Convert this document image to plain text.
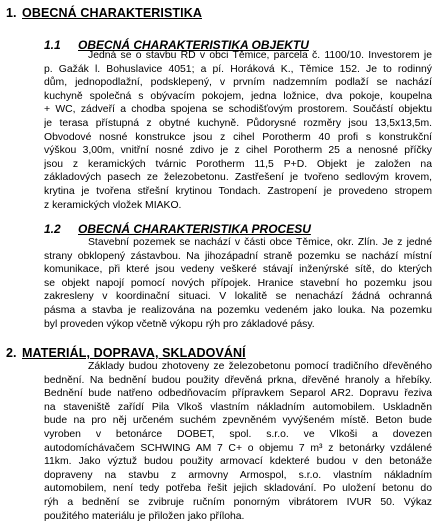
1. OBECNÁ CHARAKTERISTIKA
1.1 OBECNÁ CHARAKTERISTIKA OBJEKTU
Jedná se o stavbu RD v obci Těmice, parcela č. 1100/10. Investorem je
p. Gažák l. Bohuslavice 4051; a pí. Horáková K., Těmice 152. Je to rodinný
dům, jednopodlažní, podsklepený, v prvním nadzemním podlaží se nachází
kuchyně společná s obývacím pokojem, jedna ložnice, dva pokoje, koupelna
+ WC, zádveří a chodba spojena se schodišťovým prostorem. Součástí objektu
je terasa přístupná z obytné kuchyně. Půdorysné rozměry jsou 13,5x13,5m.
Obvodové nosné konstrukce jsou z cihel Porotherm 40 profi s konstrukční
výškou 3,00m, vnitřní nosné zdivo je z cihel Porotherm 25 a nenosné příčky
jsou z keramických tvárnic Porotherm 11,5 P+D. Objekt je založen na
základových pasech ze železobetonu. Zastřešení je tvořeno sedlovým krovem,
krytina je tvořena střešní krytinou Tondach. Zastropení je provedeno stropem
z keramických vložek MIAKO.
1.2 OBECNÁ CHARAKTERISTIKA PROCESU
Stavební pozemek se nachází v části obce Těmice, okr. Zlín. Je z jedné
strany obklopený zástavbou. Na jihozápadní straně pozemku se nachází místní
komunikace, při které jsou vedeny veškeré stávají inženýrské sítě, do kterých
se objekt napojí pomocí nových přípojek. Hranice stavební ho pozemku jsou
zakresleny v koordinační situaci. V lokalitě se nenachází žádná ochranná
pásma a stavba je realizována na pozemku vedeném jako louka. Na pozemku
byl proveden výkop včetně výkopu rýh pro základové pásy.
2. MATERIÁL, DOPRAVA, SKLADOVÁNÍ
Základy budou zhotoveny ze železobetonu pomocí tradičního dřevěného
bednění. Na bednění budou použity dřevěná prkna, dřevěné hranoly a hřebíky.
Bednění bude natřeno odbedňovacím přípravkem Separol AR2. Dopravu řeziva
na staveniště zařídí Pila Vlkoš vlastním nákladním automobilem. Uskladněn
bude na pro něj určeném suchém zpevněném vyvýšeném místě. Beton bude
vyroben v betonárce DOBET, spol. s.r.o. ve Vlkoši a dovezen
autodomíchávačem SCHWING AM 7 C+ o objemu 7 m³ z betonárky vzdálené
11km. Jako výztuž budou použity armovací kdekteré budou v den betonáže
dopraveny na stavbu z armovny Armospol, s.r.o. vlastním nákladním
automobilem, není tedy potřeba řešit jejich skladování. Po uložení betonu do
rýh a bednění se zvibruje ručním ponorným vibrátorem IVUR 50. Výkaz
použitého materiálu je přiložen jako příloha.
